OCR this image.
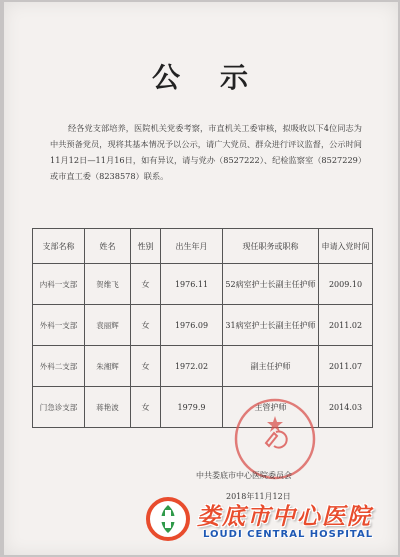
公示
经各党支部培养，医院机关党委考察，市直机关工委审核，拟吸收以下4位同志为中共预备党员，现将其基本情况予以公示，请广大党员、群众进行评议监督，公示时间11月12日—11月16日，如有异议，请与党办（8527222）、纪检监察室（8527229）或市直工委（8238578）联系。
支部名称	姓名	性别	出生年月	现任职务或职称	申请入党时间
内科一支部	贺维飞	女	1976.11	52病室护士长副主任护师	2009.10
外科一支部	袁丽辉	女	1976.09	31病室护士长副主任护师	2011.02
外科二支部	朱湘辉	女	1972.02	副主任护师	2011.07
门急诊支部	蒋艳波	女	1979.9	主管护师	2014.03
中共娄底市中心医院委员会
2018年11月12日
娄底市中心医院
LOUDI CENTRAL HOSPITAL
